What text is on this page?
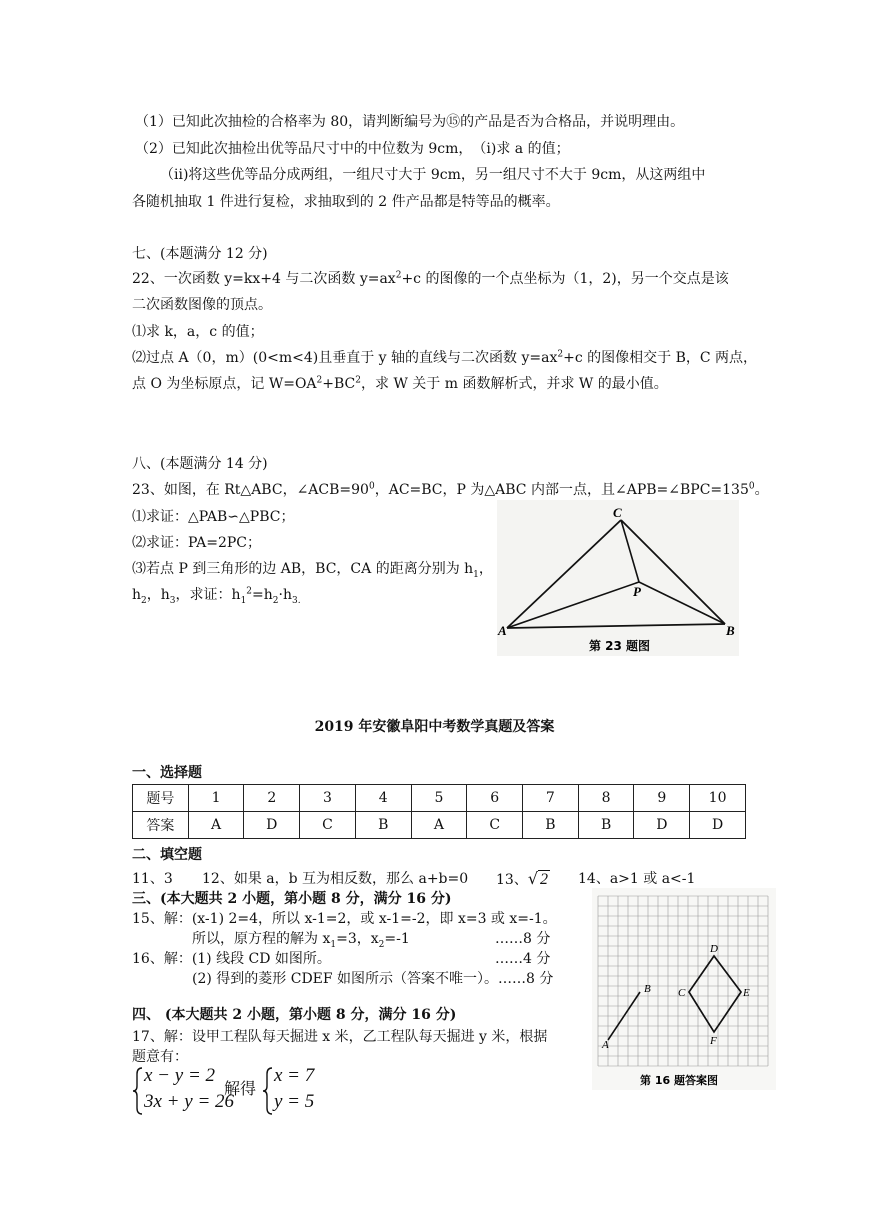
（1）已知此次抽检的合格率为 80，请判断编号为⑮的产品是否为合格品，并说明理由。
（2）已知此次抽检出优等品尺寸中的中位数为 9cm，　（ⅰ)求 a 的值；
（ⅱ)将这些优等品分成两组，一组尺寸大于 9cm，另一组尺寸不大于 9cm，从这两组中
各随机抽取 1 件进行复检，求抽取到的 2 件产品都是特等品的概率。
七、(本题满分 12 分)
22、一次函数 y=kx+4 与二次函数 $y=ax^2+c$ 的图像的一个点坐标为（1，2)，另一个交点是该
二次函数图像的顶点。
⑴求 k，a，c 的值；
⑵过点 A（0，m）(0<m<4)且垂直于 y 轴的直线与二次函数 $y=ax^2+c$ 的图像相交于 B，C 两点，
点 O 为坐标原点，记 $W=OA^2+BC^2$，求 W 关于 m 函数解析式，并求 W 的最小值。
八、(本题满分 14 分)
23、如图，在 Rt△ABC，$\angle ACB=90^0$，AC=BC，P 为△ABC 内部一点，且$\angle APB=\angle BPC=135^0$。
⑴求证：△PAB∽△PBC；
⑵求证：PA=2PC；
⑶若点 P 到三角形的边 AB，BC，CA 的距离分别为 $h_1$，
$h_2$，$h_3$，求证：$h_1^2=h_2\cdot h_{3.}$
A	B
C
P
第 23 题图
2019 年安徽阜阳中考数学真题及答案
一、选择题
题号	1	2	3	4	5	6	7	8	9	10
答案	A	D	C	B	A	C	B	B	D	D
二、填空题
11、3 12、如果 a，b 互为相反数，那么 a+b=0 13、√ 2 14、a>1 或 a<-1
三、(本大题共 2 小题，第小题 8 分，满分 16 分)
15、解：(x-1) 2=4，所以 x-1=2，或 x-1=-2，即 x=3 或 x=-1。
所以，原方程的解为 $x_1=3$，$x_2=-1$	……8 分
16、解：(1) 线段 CD 如图所。	……4 分
(2) 得到的菱形 CDEF 如图所示（答案不唯一）。……8 分
四、 (本大题共 2 小题，第小题 8 分，满分 16 分)
17、解：设甲工程队每天掘进 x 米，乙工程队每天掘进 y 米，根据
题意有：
x − y = 2
3x + y = 26
解得
x = 7
y = 5
A
B C
D
E
F
第 16 题答案图
